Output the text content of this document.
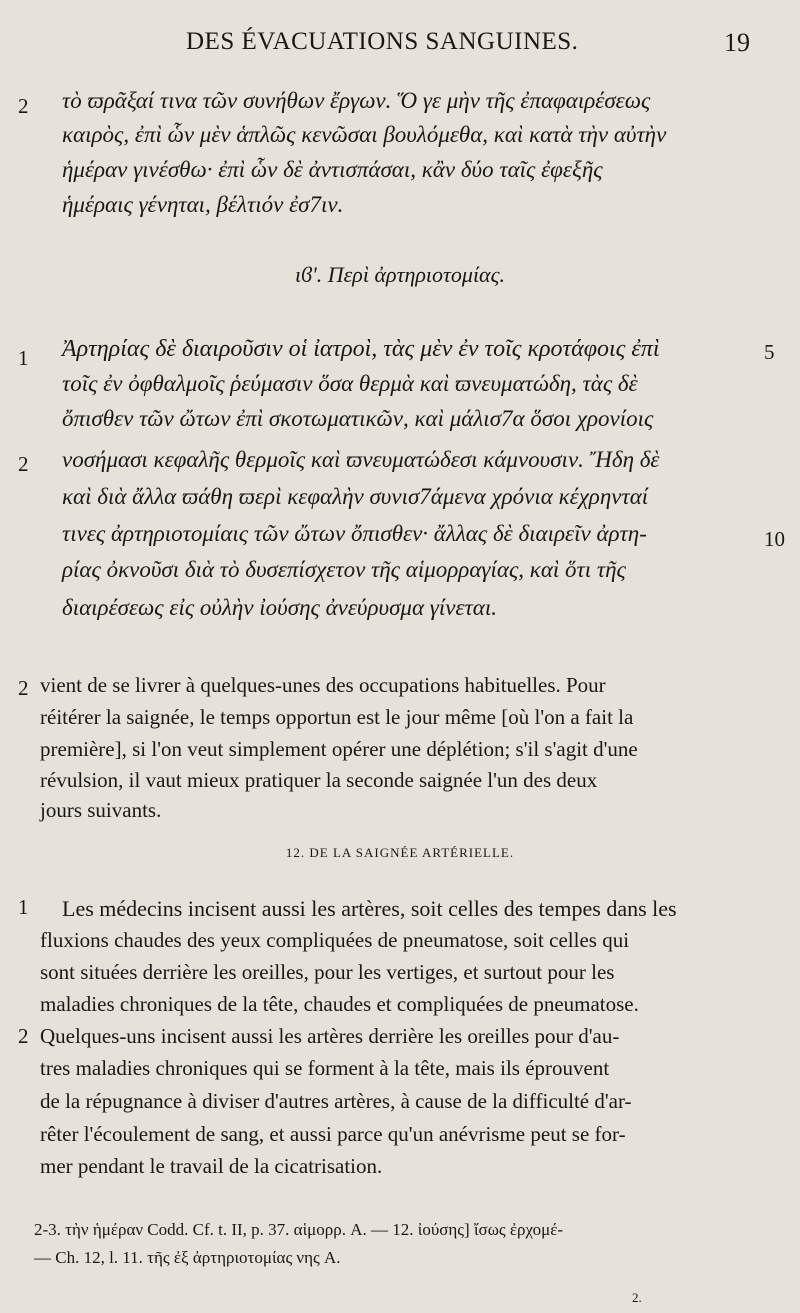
DES ÉVACUATIONS SANGUINES.	19
2 τὸ ϖρᾶξαί τινα τῶν συνήθων ἔργων. Ὅ γε μὴν τῆς ἐπαφαιρέσεως
καιρὸς, ἐπὶ ὧν μὲν ἁπλῶς κενῶσαι βουλόμεθα, καὶ κατὰ τὴν αὐτὴν
ἡμέραν γινέσθω· ἐπὶ ὧν δὲ ἀντισπάσαι, κἂν δύο ταῖς ἐφεξῆς
ἡμέραις γένηται, βέλτιόν ἐσ7ιν.
ιϐ'. Περὶ ἀρτηριοτομίας.
1	5
Ἀρτηρίας δὲ διαιροῦσιν οἱ ἰατροὶ, τὰς μὲν ἐν τοῖς κροτάφοις ἐπὶ
τοῖς ἐν ὀφθαλμοῖς ῥεύμασιν ὅσα θερμὰ καὶ ϖνευματώδη, τὰς δὲ
ὄπισθεν τῶν ὤτων ἐπὶ σκοτωματικῶν, καὶ μάλισ7α ὅσοι χρονίοις
2 νοσήμασι κεφαλῆς θερμοῖς καὶ ϖνευματώδεσι κάμνουσιν. Ἤδη δὲ
καὶ διὰ ἄλλα ϖάθη ϖερὶ κεφαλὴν συνισ7άμενα χρόνια κέχρηνταί
τινες ἀρτηριοτομίαις τῶν ὤτων ὄπισθεν· ἄλλας δὲ διαιρεῖν ἀρτη-	10
ρίας ὀκνοῦσι διὰ τὸ δυσεπίσχετον τῆς αἱμορραγίας, καὶ ὅτι τῆς
διαιρέσεως εἰς οὐλὴν ἰούσης ἀνεύρυσμα γίνεται.
2 vient de se livrer à quelques-unes des occupations habituelles. Pour
réitérer la saignée, le temps opportun est le jour même [où l'on a fait la
première], si l'on veut simplement opérer une déplétion; s'il s'agit d'une
révulsion, il vaut mieux pratiquer la seconde saignée l'un des deux
jours suivants.
12. DE LA SAIGNÉE ARTÉRIELLE.
1 Les médecins incisent aussi les artères, soit celles des tempes dans les
fluxions chaudes des yeux compliquées de pneumatose, soit celles qui
sont situées derrière les oreilles, pour les vertiges, et surtout pour les
maladies chroniques de la tête, chaudes et compliquées de pneumatose.
2 Quelques-uns incisent aussi les artères derrière les oreilles pour d'au-
tres maladies chroniques qui se forment à la tête, mais ils éprouvent
de la répugnance à diviser d'autres artères, à cause de la difficulté d'ar-
rêter l'écoulement de sang, et aussi parce qu'un anévrisme peut se for-
mer pendant le travail de la cicatrisation.
2-3. τὴν ἡμέραν Codd. Cf. t. II, p. 37. αἱμορρ. A. — 12. ἰούσης] ἴσως ἐρχομέ-
— Ch. 12, l. 11. τῆς ἐξ ἀρτηριοτομίας νης A.
2.
